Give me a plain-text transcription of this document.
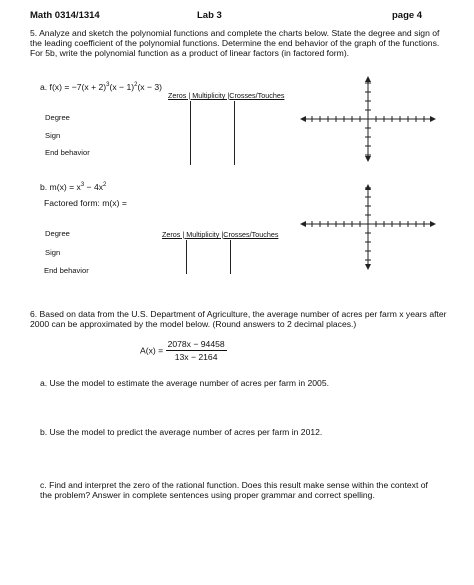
Math 0314/1314	Lab 3	page 4
5. Analyze and sketch the polynomial functions and complete the charts below. State the degree and sign of the leading coefficient of the polynomial functions. Determine the end behavior of the graph of the functions. For 5b, write the polynomial function as a product of linear factors (in factored form).
a. $f(x) = -7(x + 2)^3(x - 1)^2(x - 3)$
Zeros | Multiplicity |Crosses/Touches
Degree
Sign
End behavior
b. $m(x) = x^3 - 4x^2$
Factored form: m(x) =
Zeros | Multiplicity |Crosses/Touches
Degree
Sign
End behavior
6. Based on data from the U.S. Department of Agriculture, the average number of acres per farm x years after 2000 can be approximated by the model below. (Round answers to 2 decimal places.)
$A(x) = \frac{2078x - 94458}{13x - 2164}$
a. Use the model to estimate the average number of acres per farm in 2005.
b. Use the model to predict the average number of acres per farm in 2012.
c. Find and interpret the zero of the rational function. Does this result make sense within the context of the problem? Answer in complete sentences using proper grammar and correct spelling.
